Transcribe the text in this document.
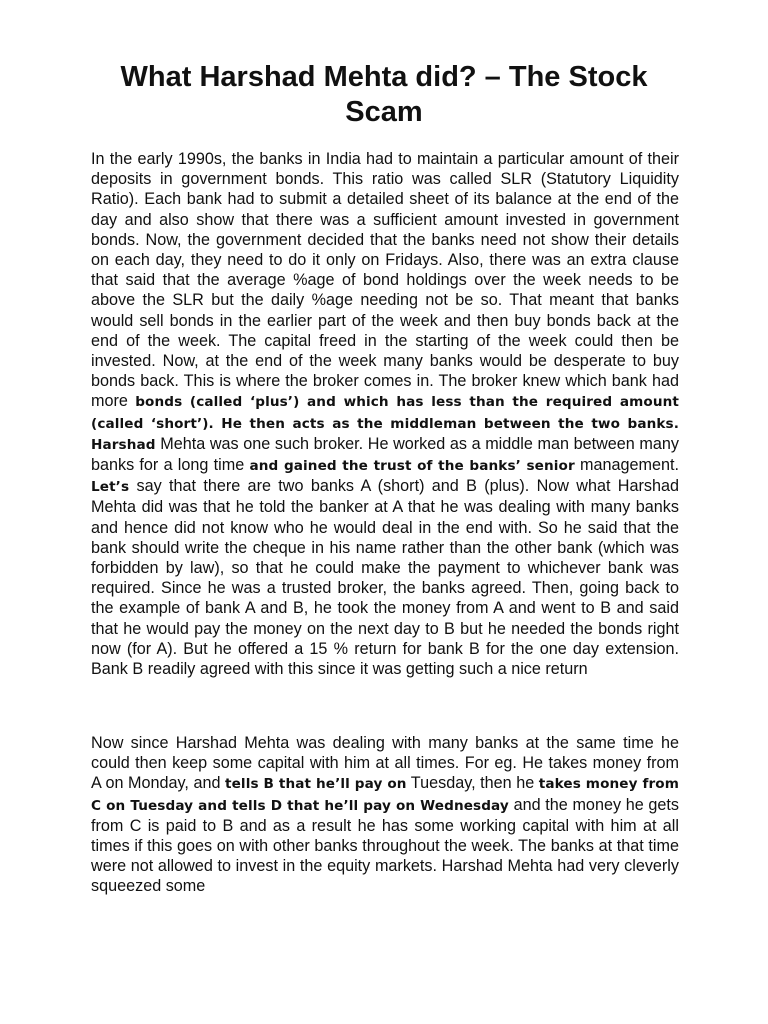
What Harshad Mehta did? – The Stock Scam

In the early 1990s, the banks in India had to maintain a particular amount of their deposits in government bonds. This ratio was called SLR (Statutory Liquidity Ratio). Each bank had to submit a detailed sheet of its balance at the end of the day and also show that there was a sufficient amount invested in government bonds. Now, the government decided that the banks need not show their details on each day, they need to do it only on Fridays. Also, there was an extra clause that said that the average %age of bond holdings over the week needs to be above the SLR but the daily %age needing not be so. That meant that banks would sell bonds in the earlier part of the week and then buy bonds back at the end of the week. The capital freed in the starting of the week could then be invested. Now, at the end of the week many banks would be desperate to buy bonds back. This is where the broker comes in. The broker knew which bank had more bonds (called ‘plus’) and which has less than the required amount (called ‘short’). He then acts as the middleman between the two banks. Harshad Mehta was one such broker. He worked as a middle man between many banks for a long time and gained the trust of the banks’ senior management. Let’s say that there are two banks A (short) and B (plus). Now what Harshad Mehta did was that he told the banker at A that he was dealing with many banks and hence did not know who he would deal in the end with. So he said that the bank should write the cheque in his name rather than the other bank (which was forbidden by law), so that he could make the payment to whichever bank was required. Since he was a trusted broker, the banks agreed. Then, going back to the example of bank A and B, he took the money from A and went to B and said that he would pay the money on the next day to B but he needed the bonds right now (for A). But he offered a 15 % return for bank B for the one day extension. Bank B readily agreed with this since it was getting such a nice return

Now since Harshad Mehta was dealing with many banks at the same time he could then keep some capital with him at all times. For eg. He takes money from A on Monday, and tells B that he’ll pay on Tuesday, then he takes money from C on Tuesday and tells D that he’ll pay on Wednesday and the money he gets from C is paid to B and as a result he has some working capital with him at all times if this goes on with other banks throughout the week. The banks at that time were not allowed to invest in the equity markets. Harshad Mehta had very cleverly squeezed some
